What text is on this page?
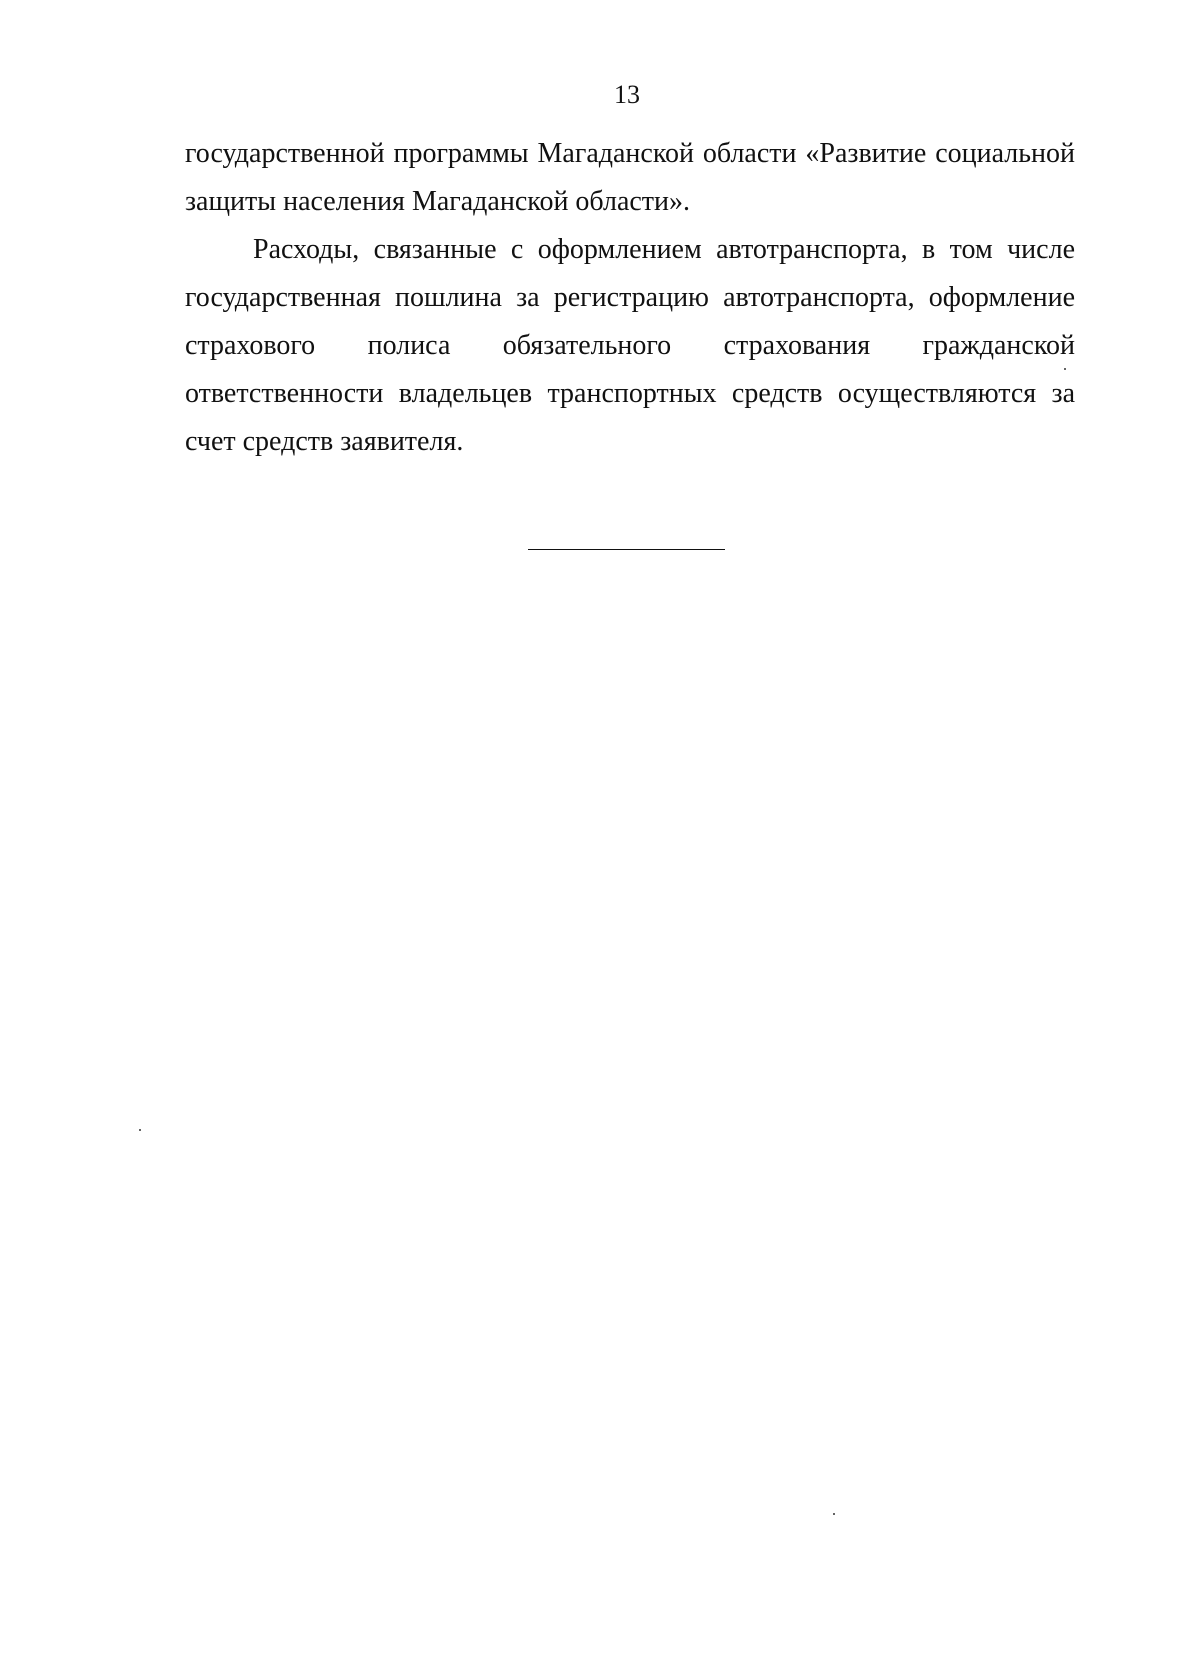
13

государственной программы Магаданской области «Развитие социальной защиты населения Магаданской области».

Расходы, связанные с оформлением автотранспорта, в том числе государственная пошлина за регистрацию автотранспорта, оформление страхового полиса обязательного страхования гражданской ответственности владельцев транспортных средств осуществляются за счет средств заявителя.
